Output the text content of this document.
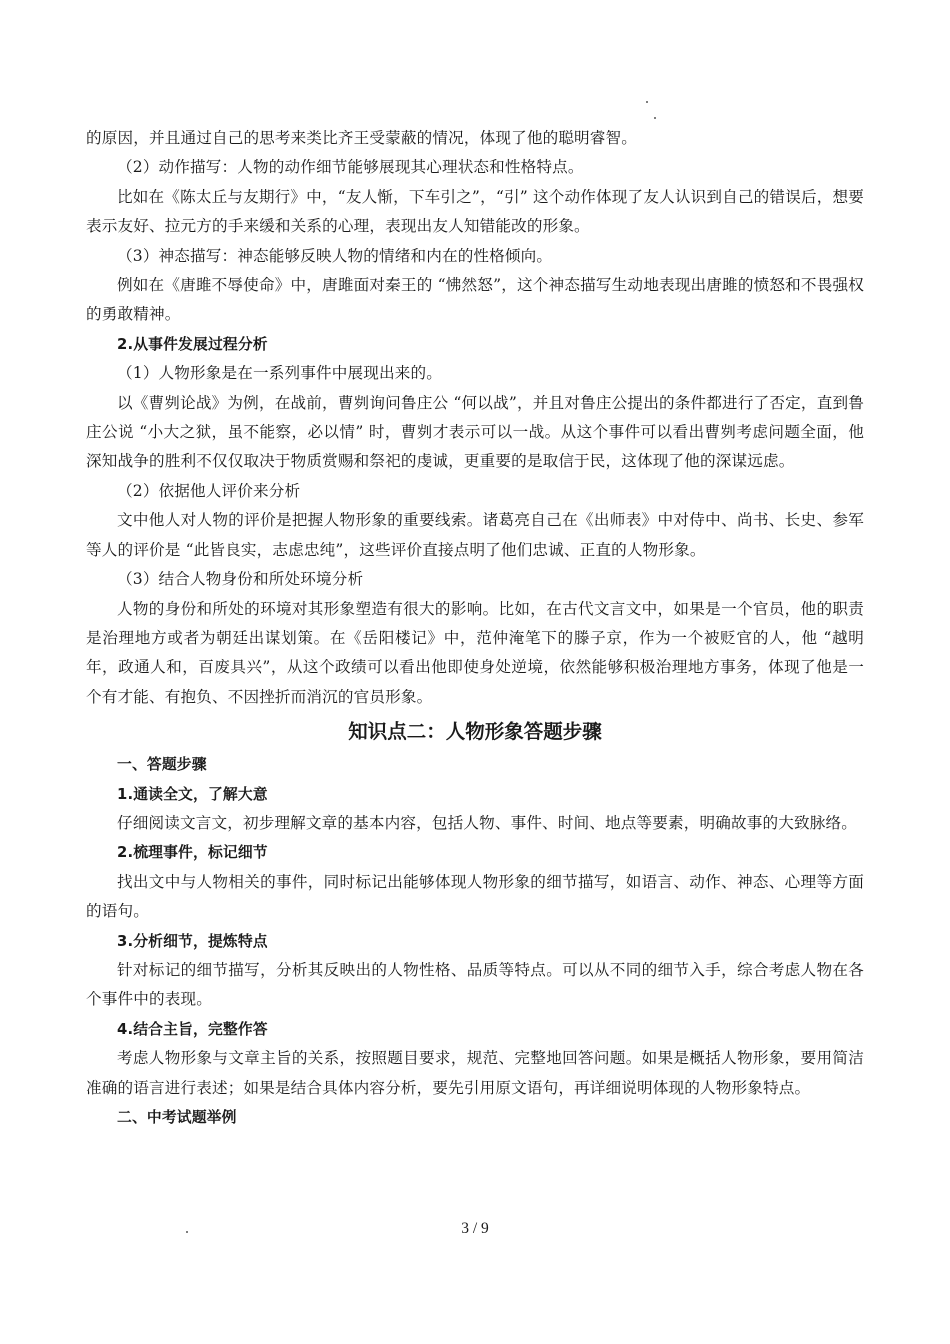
的原因，并且通过自己的思考来类比齐王受蒙蔽的情况，体现了他的聪明睿智。

（2）动作描写：人物的动作细节能够展现其心理状态和性格特点。

比如在《陈太丘与友期行》中，“友人惭，下车引之”，“引” 这个动作体现了友人认识到自己的错误后，想要表示友好、拉元方的手来缓和关系的心理，表现出友人知错能改的形象。

（3）神态描写：神态能够反映人物的情绪和内在的性格倾向。

例如在《唐雎不辱使命》中，唐雎面对秦王的 “怫然怒”，这个神态描写生动地表现出唐雎的愤怒和不畏强权的勇敢精神。

2.从事件发展过程分析

（1）人物形象是在一系列事件中展现出来的。

以《曹刿论战》为例，在战前，曹刿询问鲁庄公 “何以战”，并且对鲁庄公提出的条件都进行了否定，直到鲁庄公说 “小大之狱，虽不能察，必以情” 时，曹刿才表示可以一战。从这个事件可以看出曹刿考虑问题全面，他深知战争的胜利不仅仅取决于物质赏赐和祭祀的虔诚，更重要的是取信于民，这体现了他的深谋远虑。

（2）依据他人评价来分析

文中他人对人物的评价是把握人物形象的重要线索。诸葛亮自己在《出师表》中对侍中、尚书、长史、参军等人的评价是 “此皆良实，志虑忠纯”，这些评价直接点明了他们忠诚、正直的人物形象。

（3）结合人物身份和所处环境分析

人物的身份和所处的环境对其形象塑造有很大的影响。比如，在古代文言文中，如果是一个官员，他的职责是治理地方或者为朝廷出谋划策。在《岳阳楼记》中，范仲淹笔下的滕子京，作为一个被贬官的人，他 “越明年，政通人和，百废具兴”，从这个政绩可以看出他即使身处逆境，依然能够积极治理地方事务，体现了他是一个有才能、有抱负、不因挫折而消沉的官员形象。

知识点二：人物形象答题步骤

一、答题步骤

1.通读全文，了解大意

仔细阅读文言文，初步理解文章的基本内容，包括人物、事件、时间、地点等要素，明确故事的大致脉络。

2.梳理事件，标记细节

找出文中与人物相关的事件，同时标记出能够体现人物形象的细节描写，如语言、动作、神态、心理等方面的语句。

3.分析细节，提炼特点

针对标记的细节描写，分析其反映出的人物性格、品质等特点。可以从不同的细节入手，综合考虑人物在各个事件中的表现。

4.结合主旨，完整作答

考虑人物形象与文章主旨的关系，按照题目要求，规范、完整地回答问题。如果是概括人物形象，要用简洁准确的语言进行表述；如果是结合具体内容分析，要先引用原文语句，再详细说明体现的人物形象特点。

二、中考试题举例

3 / 9
